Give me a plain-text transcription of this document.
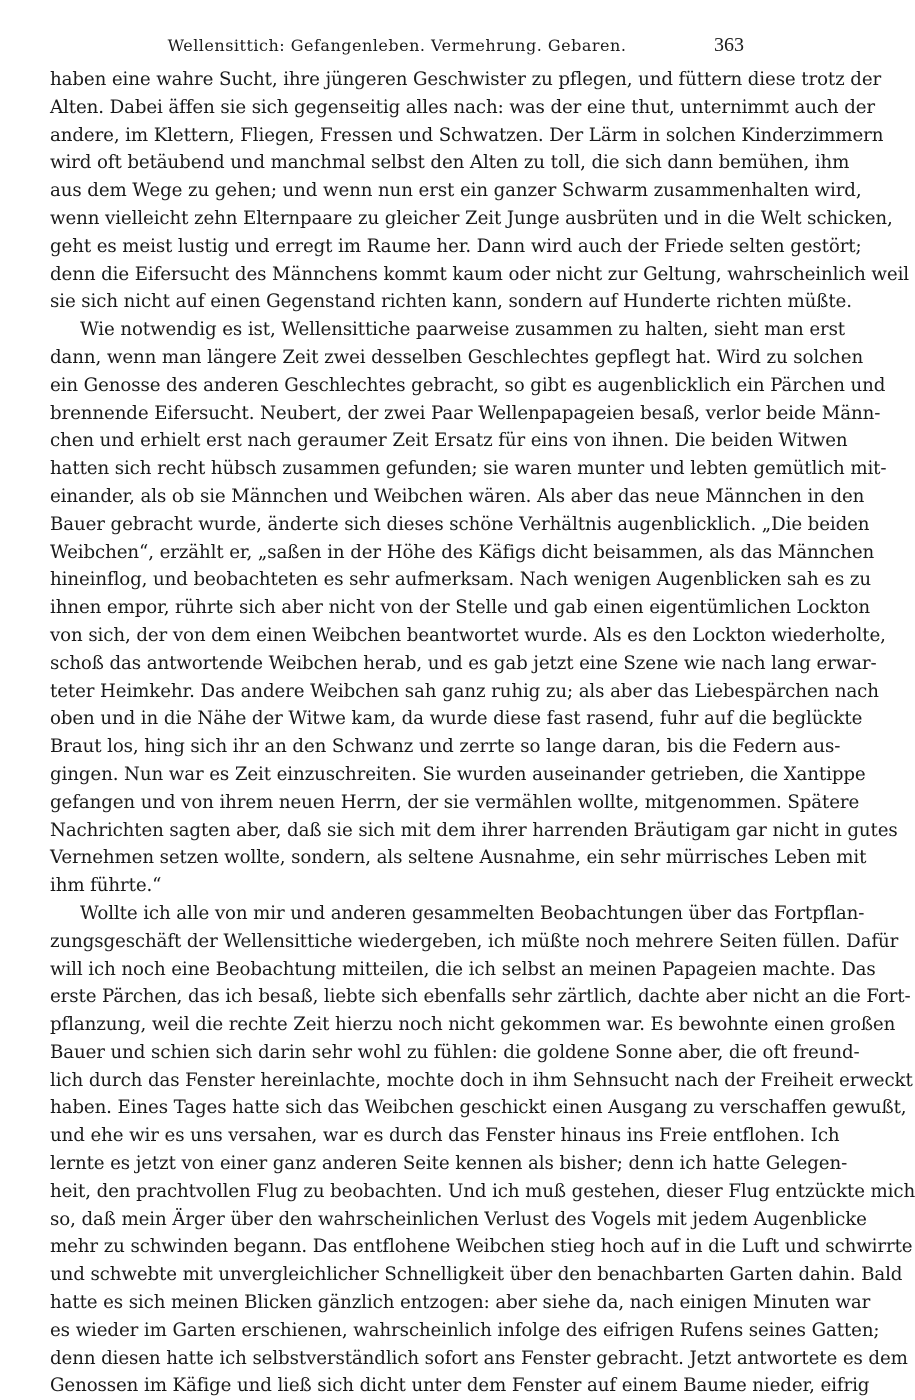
Wellensittich: Gefangenleben. Vermehrung. Gebaren.	363
haben eine wahre Sucht, ihre jüngeren Geschwister zu pflegen, und füttern diese trotz der
Alten. Dabei äffen sie sich gegenseitig alles nach: was der eine thut, unternimmt auch der
andere, im Klettern, Fliegen, Fressen und Schwatzen. Der Lärm in solchen Kinderzimmern
wird oft betäubend und manchmal selbst den Alten zu toll, die sich dann bemühen, ihm
aus dem Wege zu gehen; und wenn nun erst ein ganzer Schwarm zusammenhalten wird,
wenn vielleicht zehn Elternpaare zu gleicher Zeit Junge ausbrüten und in die Welt schicken,
geht es meist lustig und erregt im Raume her. Dann wird auch der Friede selten gestört;
denn die Eifersucht des Männchens kommt kaum oder nicht zur Geltung, wahrscheinlich weil
sie sich nicht auf einen Gegenstand richten kann, sondern auf Hunderte richten müßte.
Wie notwendig es ist, Wellensittiche paarweise zusammen zu halten, sieht man erst
dann, wenn man längere Zeit zwei desselben Geschlechtes gepflegt hat. Wird zu solchen
ein Genosse des anderen Geschlechtes gebracht, so gibt es augenblicklich ein Pärchen und
brennende Eifersucht. Neubert, der zwei Paar Wellenpapageien besaß, verlor beide Männ-
chen und erhielt erst nach geraumer Zeit Ersatz für eins von ihnen. Die beiden Witwen
hatten sich recht hübsch zusammen gefunden; sie waren munter und lebten gemütlich mit-
einander, als ob sie Männchen und Weibchen wären. Als aber das neue Männchen in den
Bauer gebracht wurde, änderte sich dieses schöne Verhältnis augenblicklich. „Die beiden
Weibchen“, erzählt er, „saßen in der Höhe des Käfigs dicht beisammen, als das Männchen
hineinflog, und beobachteten es sehr aufmerksam. Nach wenigen Augenblicken sah es zu
ihnen empor, rührte sich aber nicht von der Stelle und gab einen eigentümlichen Lockton
von sich, der von dem einen Weibchen beantwortet wurde. Als es den Lockton wiederholte,
schoß das antwortende Weibchen herab, und es gab jetzt eine Szene wie nach lang erwar-
teter Heimkehr. Das andere Weibchen sah ganz ruhig zu; als aber das Liebespärchen nach
oben und in die Nähe der Witwe kam, da wurde diese fast rasend, fuhr auf die beglückte
Braut los, hing sich ihr an den Schwanz und zerrte so lange daran, bis die Federn aus-
gingen. Nun war es Zeit einzuschreiten. Sie wurden auseinander getrieben, die Xantippe
gefangen und von ihrem neuen Herrn, der sie vermählen wollte, mitgenommen. Spätere
Nachrichten sagten aber, daß sie sich mit dem ihrer harrenden Bräutigam gar nicht in gutes
Vernehmen setzen wollte, sondern, als seltene Ausnahme, ein sehr mürrisches Leben mit
ihm führte.“
Wollte ich alle von mir und anderen gesammelten Beobachtungen über das Fortpflan-
zungsgeschäft der Wellensittiche wiedergeben, ich müßte noch mehrere Seiten füllen. Dafür
will ich noch eine Beobachtung mitteilen, die ich selbst an meinen Papageien machte. Das
erste Pärchen, das ich besaß, liebte sich ebenfalls sehr zärtlich, dachte aber nicht an die Fort-
pflanzung, weil die rechte Zeit hierzu noch nicht gekommen war. Es bewohnte einen großen
Bauer und schien sich darin sehr wohl zu fühlen: die goldene Sonne aber, die oft freund-
lich durch das Fenster hereinlachte, mochte doch in ihm Sehnsucht nach der Freiheit erweckt
haben. Eines Tages hatte sich das Weibchen geschickt einen Ausgang zu verschaffen gewußt,
und ehe wir es uns versahen, war es durch das Fenster hinaus ins Freie entflohen. Ich
lernte es jetzt von einer ganz anderen Seite kennen als bisher; denn ich hatte Gelegen-
heit, den prachtvollen Flug zu beobachten. Und ich muß gestehen, dieser Flug entzückte mich
so, daß mein Ärger über den wahrscheinlichen Verlust des Vogels mit jedem Augenblicke
mehr zu schwinden begann. Das entflohene Weibchen stieg hoch auf in die Luft und schwirrte
und schwebte mit unvergleichlicher Schnelligkeit über den benachbarten Garten dahin. Bald
hatte es sich meinen Blicken gänzlich entzogen: aber siehe da, nach einigen Minuten war
es wieder im Garten erschienen, wahrscheinlich infolge des eifrigen Rufens seines Gatten;
denn diesen hatte ich selbstverständlich sofort ans Fenster gebracht. Jetzt antwortete es dem
Genossen im Käfige und ließ sich dicht unter dem Fenster auf einem Baume nieder, eifrig
